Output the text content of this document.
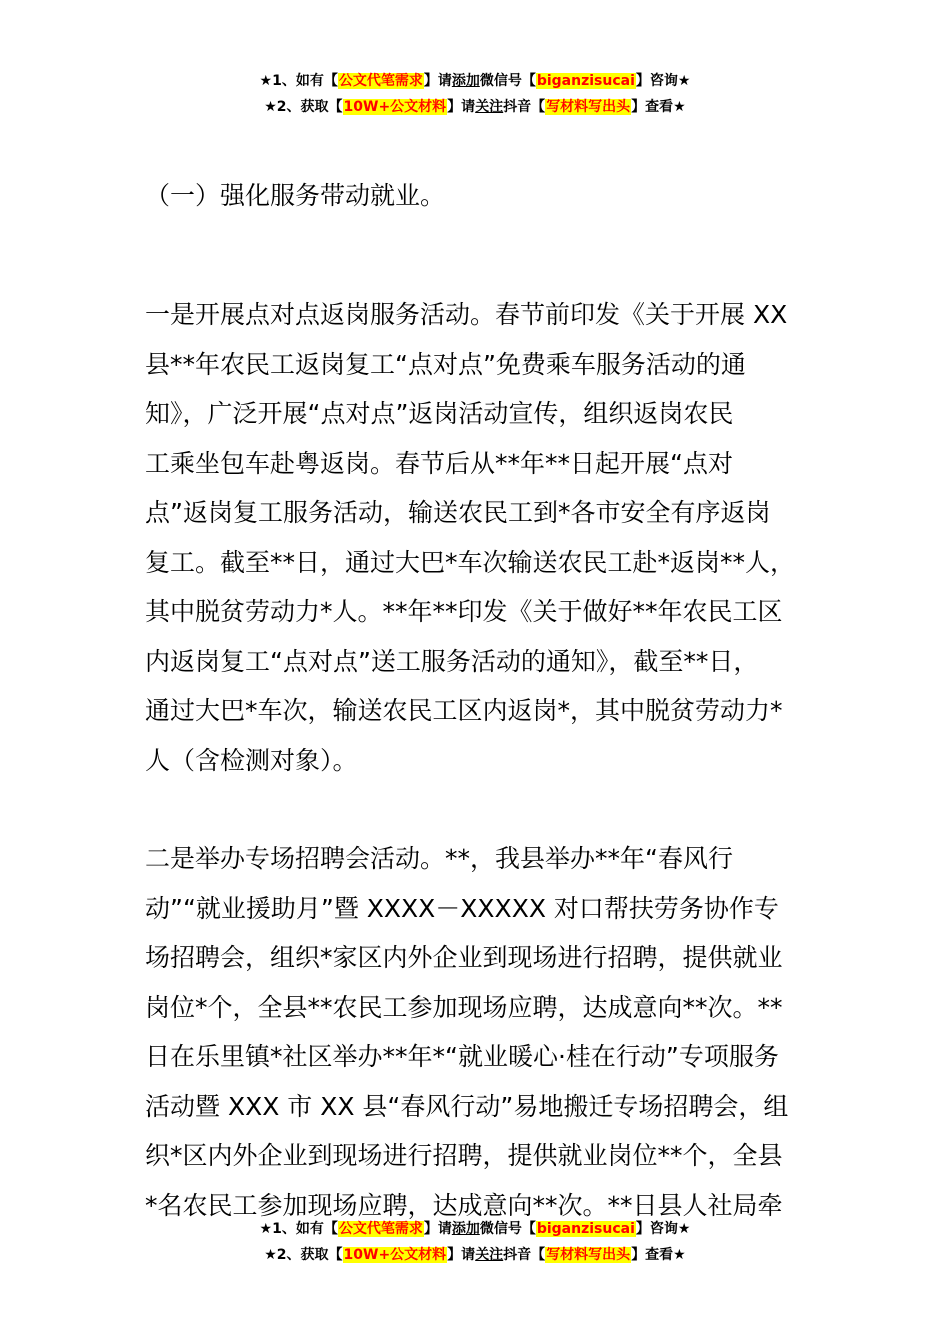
★1、如有【公文代笔需求】请添加微信号【biganzisucai】咨询★
★2、获取【10W+公文材料】请关注抖音【写材料写出头】查看★

（一）强化服务带动就业。

一是开展点对点返岗服务活动。春节前印发《关于开展 XX
县**年农民工返岗复工“点对点”免费乘车服务活动的通
知》，广泛开展“点对点”返岗活动宣传，组织返岗农民
工乘坐包车赴粤返岗。春节后从**年**日起开展“点对
点”返岗复工服务活动，输送农民工到*各市安全有序返岗
复工。截至**日，通过大巴*车次输送农民工赴*返岗**人，
其中脱贫劳动力*人。**年**印发《关于做好**年农民工区
内返岗复工“点对点”送工服务活动的通知》，截至**日，
通过大巴*车次，输送农民工区内返岗*，其中脱贫劳动力*
人（含检测对象）。
二是举办专场招聘会活动。**，我县举办**年“春风行
动”“就业援助月”暨 XXXX－XXXXX 对口帮扶劳务协作专
场招聘会，组织*家区内外企业到现场进行招聘，提供就业
岗位*个，全县**农民工参加现场应聘，达成意向**次。**
日在乐里镇*社区举办**年*“就业暖心·桂在行动”专项服务
活动暨 XXX 市 XX 县“春风行动”易地搬迁专场招聘会，组
织*区内外企业到现场进行招聘，提供就业岗位**个，全县
*名农民工参加现场应聘，达成意向**次。**日县人社局牵
★1、如有【公文代笔需求】请添加微信号【biganzisucai】咨询★
★2、获取【10W+公文材料】请关注抖音【写材料写出头】查看★
